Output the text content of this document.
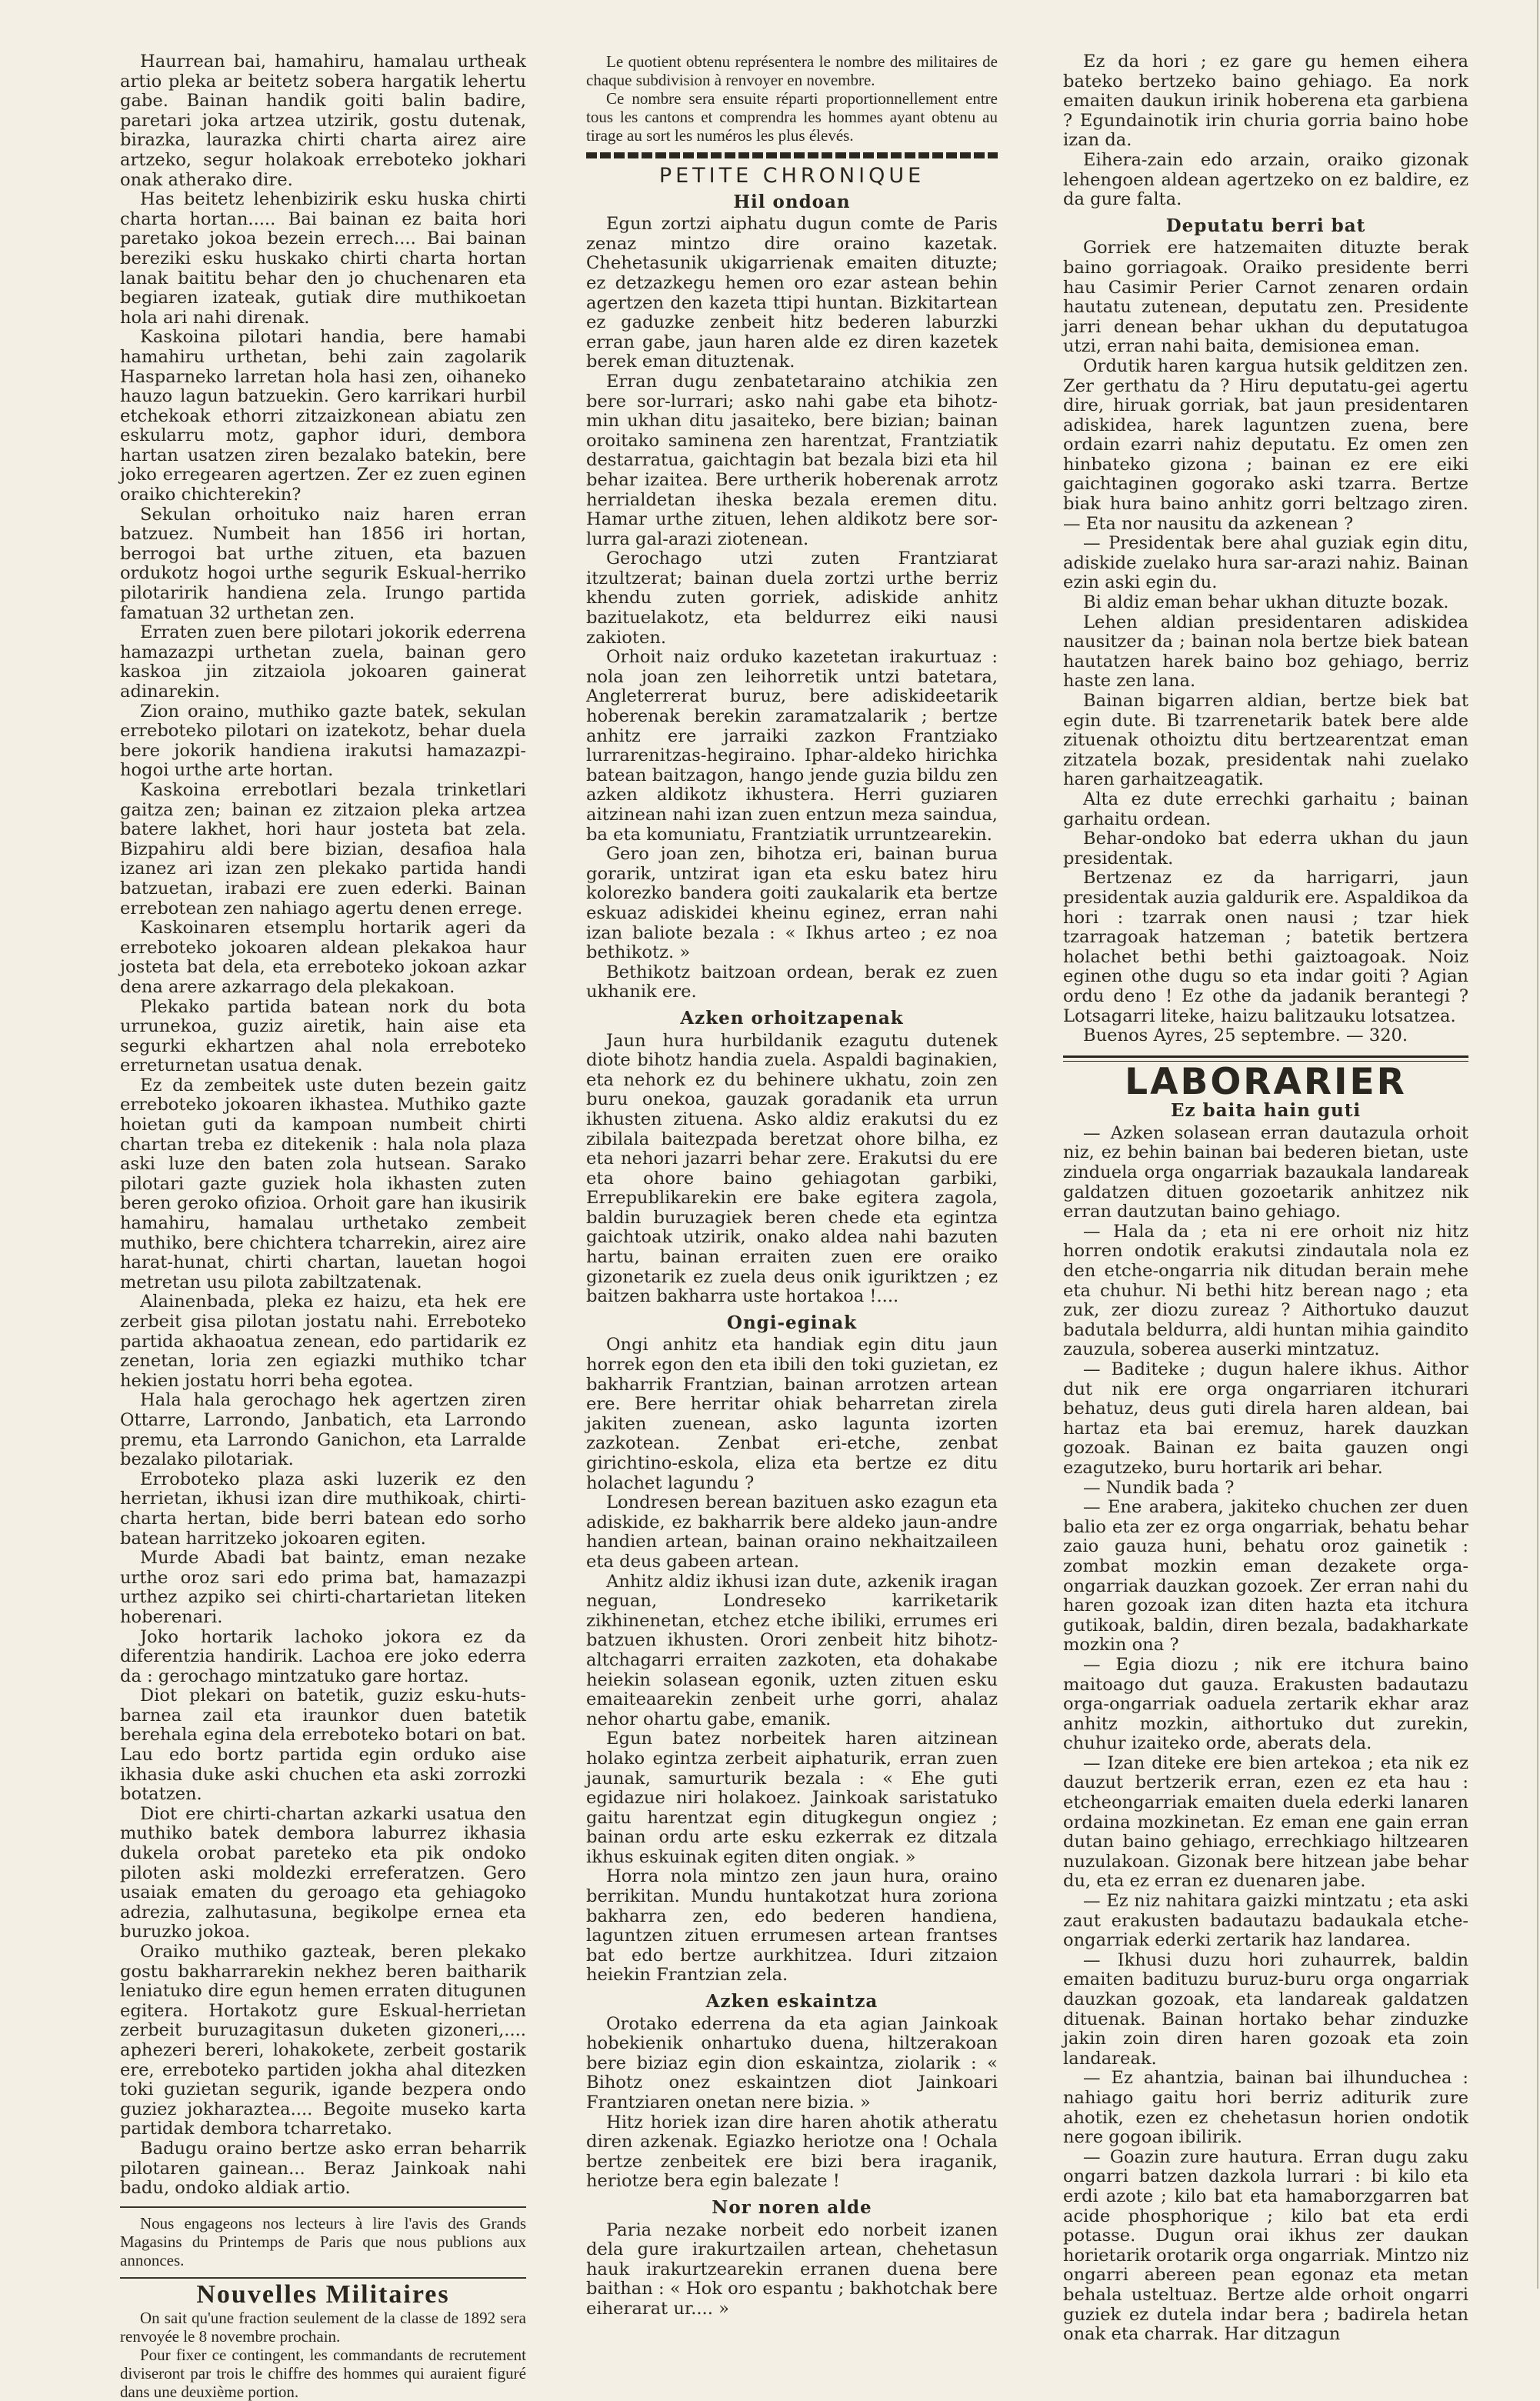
Haurrean bai, hamahiru, hamalau urtheak artio pleka ar beitetz sobera hargatik lehertu gabe. Bainan handik goiti balin badire, paretari joka artzea utzirik, gostu dutenak, birazka, laurazka chirti charta airez aire artzeko, segur holakoak erreboteko jokhari onak atherako dire.

Has beitetz lehenbizirik esku huska chirti charta hortan..... Bai bainan ez baita hori paretako jokoa bezein errech.... Bai bainan bereziki esku huskako chirti charta hortan lanak baititu behar den jo chuchenaren eta begiaren izateak, gutiak dire muthikoetan hola ari nahi direnak.

Kaskoina pilotari handia, bere hamabi hamahiru urthetan, behi zain zagolarik Hasparneko larretan hola hasi zen, oihaneko hauzo lagun batzuekin. Gero karrikari hurbil etchekoak ethorri zitzaizkonean abiatu zen eskularru motz, gaphor iduri, dembora hartan usatzen ziren bezalako batekin, bere joko erregearen agertzen. Zer ez zuen eginen oraiko chichterekin?

Sekulan orhoituko naiz haren erran batzuez. Numbeit han 1856 iri hortan, berrogoi bat urthe zituen, eta bazuen ordukotz hogoi urthe segurik Eskual-herriko pilotaririk handiena zela. Irungo partida famatuan 32 urthetan zen.

Erraten zuen bere pilotari jokorik ederrena hamazazpi urthetan zuela, bainan gero kaskoa jin zitzaiola jokoaren gainerat adinarekin.

Zion oraino, muthiko gazte batek, sekulan erreboteko pilotari on izatekotz, behar duela bere jokorik handiena irakutsi hamazazpi-hogoi urthe arte hortan.

Kaskoina errebotlari bezala trinketlari gaitza zen; bainan ez zitzaion pleka artzea batere lakhet, hori haur josteta bat zela. Bizpahiru aldi bere bizian, desafioa hala izanez ari izan zen plekako partida handi batzuetan, irabazi ere zuen ederki. Bainan errebotean zen nahiago agertu denen errege.

Kaskoinaren etsemplu hortarik ageri da erreboteko jokoaren aldean plekakoa haur josteta bat dela, eta erreboteko jokoan azkar dena arere azkarrago dela plekakoan.

Plekako partida batean nork du bota urrunekoa, guziz airetik, hain aise eta segurki ekhartzen ahal nola erreboteko erreturnetan usatua denak.

Ez da zembeitek uste duten bezein gaitz erreboteko jokoaren ikhastea. Muthiko gazte hoietan guti da kampoan numbeit chirti chartan treba ez ditekenik : hala nola plaza aski luze den baten zola hutsean. Sarako pilotari gazte guziek hola ikhasten zuten beren geroko ofizioa. Orhoit gare han ikusirik hamahiru, hamalau urthetako zembeit muthiko, bere chichtera tcharrekin, airez aire harat-hunat, chirti chartan, lauetan hogoi metretan usu pilota zabiltzatenak.

Alainenbada, pleka ez haizu, eta hek ere zerbeit gisa pilotan jostatu nahi. Erreboteko partida akhaoatua zenean, edo partidarik ez zenetan, loria zen egiazki muthiko tchar hekien jostatu horri beha egotea.

Hala hala gerochago hek agertzen ziren Ottarre, Larrondo, Janbatich, eta Larrondo premu, eta Larrondo Ganichon, eta Larralde bezalako pilotariak.

Erroboteko plaza aski luzerik ez den herrietan, ikhusi izan dire muthikoak, chirti-charta hertan, bide berri batean edo sorho batean harritzeko jokoaren egiten.

Murde Abadi bat baintz, eman nezake urthe oroz sari edo prima bat, hamazazpi urthez azpiko sei chirti-chartarietan liteken hoberenari.

Joko hortarik lachoko jokora ez da diferentzia handirik. Lachoa ere joko ederra da : gerochago mintzatuko gare hortaz.

Diot plekari on batetik, guziz esku-huts-barnea zail eta iraunkor duen batetik berehala egina dela erreboteko botari on bat. Lau edo bortz partida egin orduko aise ikhasia duke aski chuchen eta aski zorrozki botatzen.

Diot ere chirti-chartan azkarki usatua den muthiko batek dembora laburrez ikhasia dukela orobat pareteko eta pik ondoko piloten aski moldezki erreferatzen. Gero usaiak ematen du geroago eta gehiagoko adrezia, zalhutasuna, begikolpe ernea eta buruzko jokoa.

Oraiko muthiko gazteak, beren plekako gostu bakharrarekin nekhez beren baitharik leniatuko dire egun hemen erraten ditugunen egitera. Hortakotz gure Eskual-herrietan zerbeit buruzagitasun duketen gizoneri,.... aphezeri bereri, lohakokete, zerbeit gostarik ere, erreboteko partiden jokha ahal ditezken toki guzietan segurik, igande bezpera ondo guziez jokharaztea.... Begoite museko karta partidak dembora tcharretako.

Badugu oraino bertze asko erran beharrik pilotaren gainean... Beraz Jainkoak nahi badu, ondoko aldiak artio.

Nous engageons nos lecteurs à lire l'avis des Grands Magasins du Printemps de Paris que nous publions aux annonces.

Nouvelles Militaires

On sait qu'une fraction seulement de la classe de 1892 sera renvoyée le 8 novembre prochain.

Pour fixer ce contingent, les commandants de recrutement diviseront par trois le chiffre des hommes qui auraient figuré dans une deuxième portion.

Le quotient obtenu représentera le nombre des militaires de chaque subdivision à renvoyer en novembre.

Ce nombre sera ensuite réparti proportionnellement entre tous les cantons et comprendra les hommes ayant obtenu au tirage au sort les numéros les plus élevés.

PETITE CHRONIQUE
Hil ondoan

Egun zortzi aiphatu dugun comte de Paris zenaz mintzo dire oraino kazetak. Chehetasunik ukigarrienak emaiten dituzte; ez detzazkegu hemen oro ezar astean behin agertzen den kazeta ttipi huntan. Bizkitartean ez gaduzke zenbeit hitz bederen laburzki erran gabe, jaun haren alde ez diren kazetek berek eman dituztenak.

Erran dugu zenbatetaraino atchikia zen bere sor-lurrari; asko nahi gabe eta bihotz-min ukhan ditu jasaiteko, bere bizian; bainan oroitako saminena zen harentzat, Frantziatik destarratua, gaichtagin bat bezala bizi eta hil behar izaitea. Bere urtherik hoberenak arrotz herrialdetan iheska bezala eremen ditu. Hamar urthe zituen, lehen aldikotz bere sor-lurra gal-arazi ziotenean.

Gerochago utzi zuten Frantziarat itzultzerat; bainan duela zortzi urthe berriz khendu zuten gorriek, adiskide anhitz bazituelakotz, eta beldurrez eiki nausi zakioten.

Orhoit naiz orduko kazetetan irakurtuaz : nola joan zen leihorretik untzi batetara, Angleterrerat buruz, bere adiskideetarik hoberenak berekin zaramatzalarik ; bertze anhitz ere jarraiki zazkon Frantziako lurrarenitzas-hegiraino. Iphar-aldeko hirichka batean baitzagon, hango jende guzia bildu zen azken aldikotz ikhustera. Herri guziaren aitzinean nahi izan zuen entzun meza saindua, ba eta komuniatu, Frantziatik urruntzearekin.

Gero joan zen, bihotza eri, bainan burua gorarik, untzirat igan eta esku batez hiru kolorezko bandera goiti zaukalarik eta bertze eskuaz adiskidei kheinu eginez, erran nahi izan baliote bezala : « Ikhus arteo ; ez noa bethikotz. »

Bethikotz baitzoan ordean, berak ez zuen ukhanik ere.

Azken orhoitzapenak

Jaun hura hurbildanik ezagutu dutenek diote bihotz handia zuela. Aspaldi baginakien, eta nehork ez du behinere ukhatu, zoin zen buru onekoa, gauzak goradanik eta urrun ikhusten zituena. Asko aldiz erakutsi du ez zibilala baitezpada beretzat ohore bilha, ez eta nehori jazarri behar zere. Erakutsi du ere eta ohore baino gehiagotan garbiki, Errepublikarekin ere bake egitera zagola, baldin buruzagiek beren chede eta egintza gaichtoak utzirik, onako aldea nahi bazuten hartu, bainan erraiten zuen ere oraiko gizonetarik ez zuela deus onik iguriktzen ; ez baitzen bakharra uste hortakoa !....

Ongi-eginak

Ongi anhitz eta handiak egin ditu jaun horrek egon den eta ibili den toki guzietan, ez bakharrik Frantzian, bainan arrotzen artean ere. Bere herritar ohiak beharretan zirela jakiten zuenean, asko lagunta izorten zazkotean. Zenbat eri-etche, zenbat girichtino-eskola, eliza eta bertze ez ditu holachet lagundu ?

Londresen berean bazituen asko ezagun eta adiskide, ez bakharrik bere aldeko jaun-andre handien artean, bainan oraino nekhaitzaileen eta deus gabeen artean.

Anhitz aldiz ikhusi izan dute, azkenik iragan neguan, Londreseko karriketarik zikhinenetan, etchez etche ibiliki, errumes eri batzuen ikhusten. Orori zenbeit hitz bihotz-altchagarri erraiten zazkoten, eta dohakabe heiekin solasean egonik, uzten zituen esku emaiteaarekin zenbeit urhe gorri, ahalaz nehor ohartu gabe, emanik.

Egun batez norbeitek haren aitzinean holako egintza zerbeit aiphaturik, erran zuen jaunak, samurturik bezala : « Ehe guti egidazue niri holakoez. Jainkoak saristatuko gaitu harentzat egin ditugkegun ongiez ; bainan ordu arte esku ezkerrak ez ditzala ikhus eskuinak egiten diten ongiak. »

Horra nola mintzo zen jaun hura, oraino berrikitan. Mundu huntakotzat hura zoriona bakharra zen, edo bederen handiena, laguntzen zituen errumesen artean frantses bat edo bertze aurkhitzea. Iduri zitzaion heiekin Frantzian zela.

Azken eskaintza

Orotako ederrena da eta agian Jainkoak hobekienik onhartuko duena, hiltzerakoan bere biziaz egin dion eskaintza, ziolarik : « Bihotz onez eskaintzen diot Jainkoari Frantziaren onetan nere bizia. »

Hitz horiek izan dire haren ahotik atheratu diren azkenak. Egiazko heriotze ona ! Ochala bertze zenbeitek ere bizi bera iraganik, heriotze bera egin balezate !

Nor noren alde

Paria nezake norbeit edo norbeit izanen dela gure irakurtzailen artean, chehetasun hauk irakurtzearekin erranen duena bere baithan : « Hok oro espantu ; bakhotchak bere eiherarat ur.... »

Ez da hori ; ez gare gu hemen eihera bateko bertzeko baino gehiago. Ea nork emaiten daukun irinik hoberena eta garbiena ? Egundainotik irin churia gorria baino hobe izan da.

Eihera-zain edo arzain, oraiko gizonak lehengoen aldean agertzeko on ez baldire, ez da gure falta.

Deputatu berri bat

Gorriek ere hatzemaiten dituzte berak baino gorriagoak. Oraiko presidente berri hau Casimir Perier Carnot zenaren ordain hautatu zutenean, deputatu zen. Presidente jarri denean behar ukhan du deputatugoa utzi, erran nahi baita, demisionea eman.

Ordutik haren kargua hutsik gelditzen zen. Zer gerthatu da ? Hiru deputatu-gei agertu dire, hiruak gorriak, bat jaun presidentaren adiskidea, harek laguntzen zuena, bere ordain ezarri nahiz deputatu. Ez omen zen hinbateko gizona ; bainan ez ere eiki gaichtaginen gogorako aski tzarra. Bertze biak hura baino anhitz gorri beltzago ziren. — Eta nor nausitu da azkenean ?

— Presidentak bere ahal guziak egin ditu, adiskide zuelako hura sar-arazi nahiz. Bainan ezin aski egin du.

Bi aldiz eman behar ukhan dituzte bozak.

Lehen aldian presidentaren adiskidea nausitzer da ; bainan nola bertze biek batean hautatzen harek baino boz gehiago, berriz haste zen lana.

Bainan bigarren aldian, bertze biek bat egin dute. Bi tzarrenetarik batek bere alde zituenak othoiztu ditu bertzearentzat eman zitzatela bozak, presidentak nahi zuelako haren garhaitzeagatik.

Alta ez dute errechki garhaitu ; bainan garhaitu ordean.

Behar-ondoko bat ederra ukhan du jaun presidentak.

Bertzenaz ez da harrigarri, jaun presidentak auzia galdurik ere. Aspaldikoa da hori : tzarrak onen nausi ; tzar hiek tzarragoak hatzeman ; batetik bertzera holachet bethi bethi gaiztoagoak. Noiz eginen othe dugu so eta indar goiti ? Agian ordu deno ! Ez othe da jadanik berantegi ? Lotsagarri liteke, haizu balitzauku lotsatzea.

Buenos Ayres, 25 septembre. — 320.

LABORARIER
Ez baita hain guti

— Azken solasean erran dautazula orhoit niz, ez behin bainan bai bederen bietan, uste zinduela orga ongarriak bazaukala landareak galdatzen dituen gozoetarik anhitzez nik erran dautzutan baino gehiago.

— Hala da ; eta ni ere orhoit niz hitz horren ondotik erakutsi zindautala nola ez den etche-ongarria nik ditudan berain mehe eta chuhur. Ni bethi hitz berean nago ; eta zuk, zer diozu zureaz ? Aithortuko dauzut badutala beldurra, aldi huntan mihia gaindito zauzula, soberea auserki mintzatuz.

— Baditeke ; dugun halere ikhus. Aithor dut nik ere orga ongarriaren itchurari behatuz, deus guti direla haren aldean, bai hartaz eta bai eremuz, harek dauzkan gozoak. Bainan ez baita gauzen ongi ezagutzeko, buru hortarik ari behar.

— Nundik bada ?

— Ene arabera, jakiteko chuchen zer duen balio eta zer ez orga ongarriak, behatu behar zaio gauza huni, behatu oroz gainetik : zombat mozkin eman dezakete orga-ongarriak dauzkan gozoek. Zer erran nahi du haren gozoak izan diten hazta eta itchura gutikoak, baldin, diren bezala, badakharkate mozkin ona ?

— Egia diozu ; nik ere itchura baino maitoago dut gauza. Erakusten badautazu orga-ongarriak oaduela zertarik ekhar araz anhitz mozkin, aithortuko dut zurekin, chuhur izaiteko orde, aberats dela.

— Izan diteke ere bien artekoa ; eta nik ez dauzut bertzerik erran, ezen ez eta hau : etcheongarriak emaiten duela ederki lanaren ordaina mozkinetan. Ez eman ene gain erran dutan baino gehiago, errechkiago hiltzearen nuzulakoan. Gizonak bere hitzean jabe behar du, eta ez erran ez duenaren jabe.

— Ez niz nahitara gaizki mintzatu ; eta aski zaut erakusten badautazu badaukala etche-ongarriak ederki zertarik haz landarea.

— Ikhusi duzu hori zuhaurrek, baldin emaiten badituzu buruz-buru orga ongarriak dauzkan gozoak, eta landareak galdatzen dituenak. Bainan hortako behar zinduzke jakin zoin diren haren gozoak eta zoin landareak.

— Ez ahantzia, bainan bai ilhunduchea : nahiago gaitu hori berriz aditurik zure ahotik, ezen ez chehetasun horien ondotik nere gogoan ibilirik.

— Goazin zure hautura. Erran dugu zaku ongarri batzen dazkola lurrari : bi kilo eta erdi azote ; kilo bat eta hamaborzgarren bat acide phosphorique ; kilo bat eta erdi potasse. Dugun orai ikhus zer daukan horietarik orotarik orga ongarriak. Mintzo niz ongarri abereen pean egonaz eta metan behala usteltuaz. Bertze alde orhoit ongarri guziek ez dutela indar bera ; badirela hetan onak eta charrak. Har ditzagun
